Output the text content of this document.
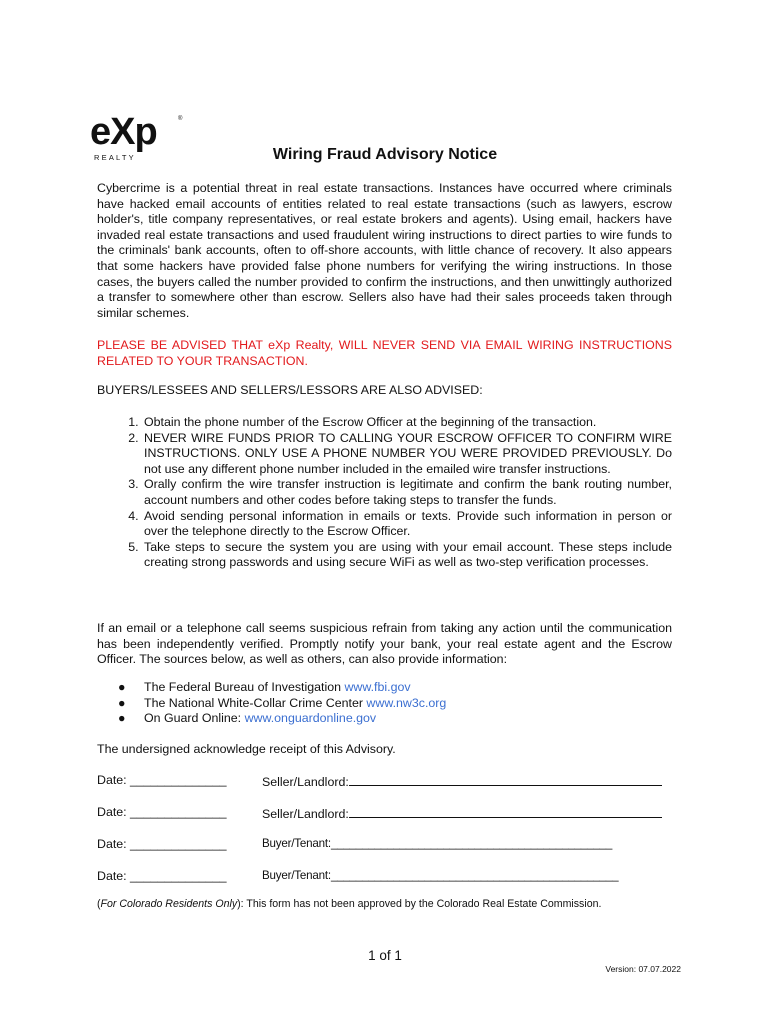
eXp	®
REALTY	Wiring Fraud Advisory Notice
Cybercrime is a potential threat in real estate transactions. Instances have occurred where criminals have hacked email accounts of entities related to real estate transactions (such as lawyers, escrow holder's, title company representatives, or real estate brokers and agents). Using email, hackers have invaded real estate transactions and used fraudulent wiring instructions to direct parties to wire funds to the criminals' bank accounts, often to off-shore accounts, with little chance of recovery. It also appears that some hackers have provided false phone numbers for verifying the wiring instructions. In those cases, the buyers called the number provided to confirm the instructions, and then unwittingly authorized a transfer to somewhere other than escrow. Sellers also have had their sales proceeds taken through similar schemes.
PLEASE BE ADVISED THAT eXp Realty, WILL NEVER SEND VIA EMAIL WIRING INSTRUCTIONS RELATED TO YOUR TRANSACTION.
BUYERS/LESSEES AND SELLERS/LESSORS ARE ALSO ADVISED:
1. Obtain the phone number of the Escrow Officer at the beginning of the transaction.
2. NEVER WIRE FUNDS PRIOR TO CALLING YOUR ESCROW OFFICER TO CONFIRM WIRE INSTRUCTIONS. ONLY USE A PHONE NUMBER YOU WERE PROVIDED PREVIOUSLY. Do not use any different phone number included in the emailed wire transfer instructions.
3. Orally confirm the wire transfer instruction is legitimate and confirm the bank routing number, account numbers and other codes before taking steps to transfer the funds.
4. Avoid sending personal information in emails or texts. Provide such information in person or over the telephone directly to the Escrow Officer.
5. Take steps to secure the system you are using with your email account. These steps include creating strong passwords and using secure WiFi as well as two-step verification processes.
If an email or a telephone call seems suspicious refrain from taking any action until the communication has been independently verified. Promptly notify your bank, your real estate agent and the Escrow Officer. The sources below, as well as others, can also provide information:
● The Federal Bureau of Investigation www.fbi.gov
● The National White-Collar Crime Center www.nw3c.org
● On Guard Online: www.onguardonline.gov
The undersigned acknowledge receipt of this Advisory.
Date: ______________	Seller/Landlord:
Date: ______________	Seller/Landlord:
Date: ______________	Buyer/Tenant:_____________________________________________
Date: ______________	Buyer/Tenant:______________________________________________
(For Colorado Residents Only): This form has not been approved by the Colorado Real Estate Commission.
1 of 1
Version: 07.07.2022
